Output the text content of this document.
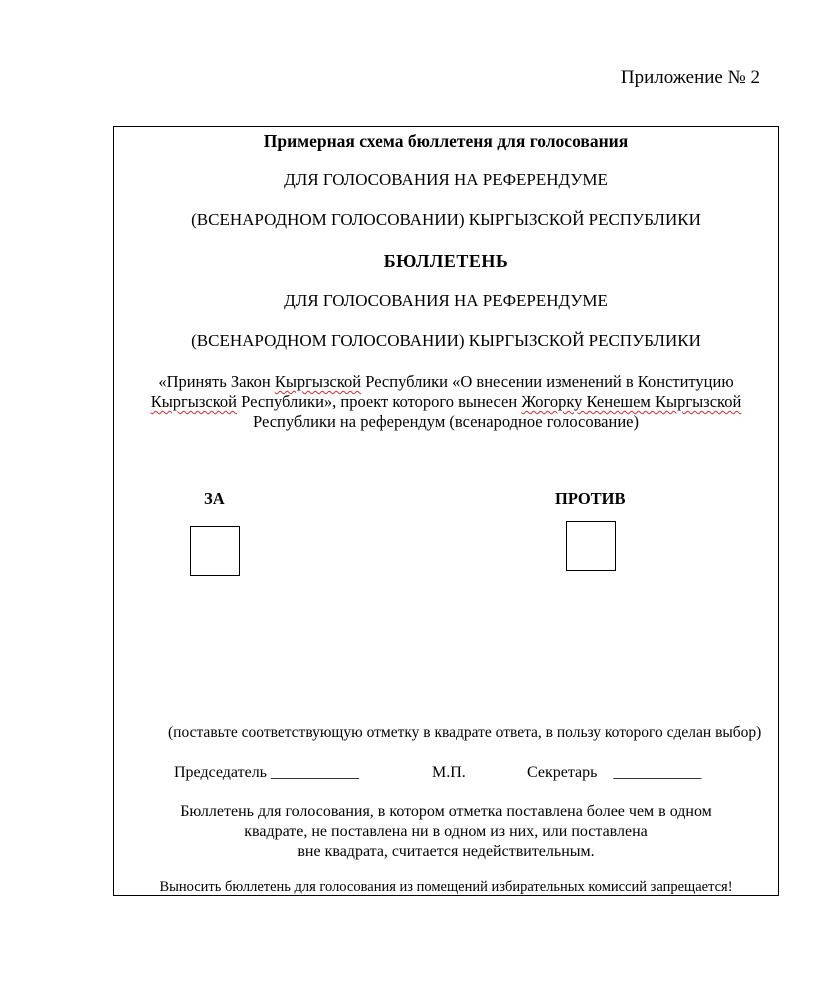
Приложение № 2
Примерная схема бюллетеня для голосования
ДЛЯ ГОЛОСОВАНИЯ НА РЕФЕРЕНДУМЕ
(ВСЕНАРОДНОМ ГОЛОСОВАНИИ) КЫРГЫЗСКОЙ РЕСПУБЛИКИ
БЮЛЛЕТЕНЬ
ДЛЯ ГОЛОСОВАНИЯ НА РЕФЕРЕНДУМЕ
(ВСЕНАРОДНОМ ГОЛОСОВАНИИ) КЫРГЫЗСКОЙ РЕСПУБЛИКИ
«Принять Закон Кыргызской Республики «О внесении изменений в Конституцию
Кыргызской Республики», проект которого вынесен Жогорку Кенешем Кыргызской
Республики на референдум (всенародное голосование)
ЗА	ПРОТИВ
(поставьте соответствующую отметку в квадрате ответа, в пользу которого сделан выбор)
Председатель ___________	М.П.	Секретарь    ___________
Бюллетень для голосования, в котором отметка поставлена более чем в одном
квадрате, не поставлена ни в одном из них, или поставлена
вне квадрата, считается недействительным.
Выносить бюллетень для голосования из помещений избирательных комиссий запрещается!
